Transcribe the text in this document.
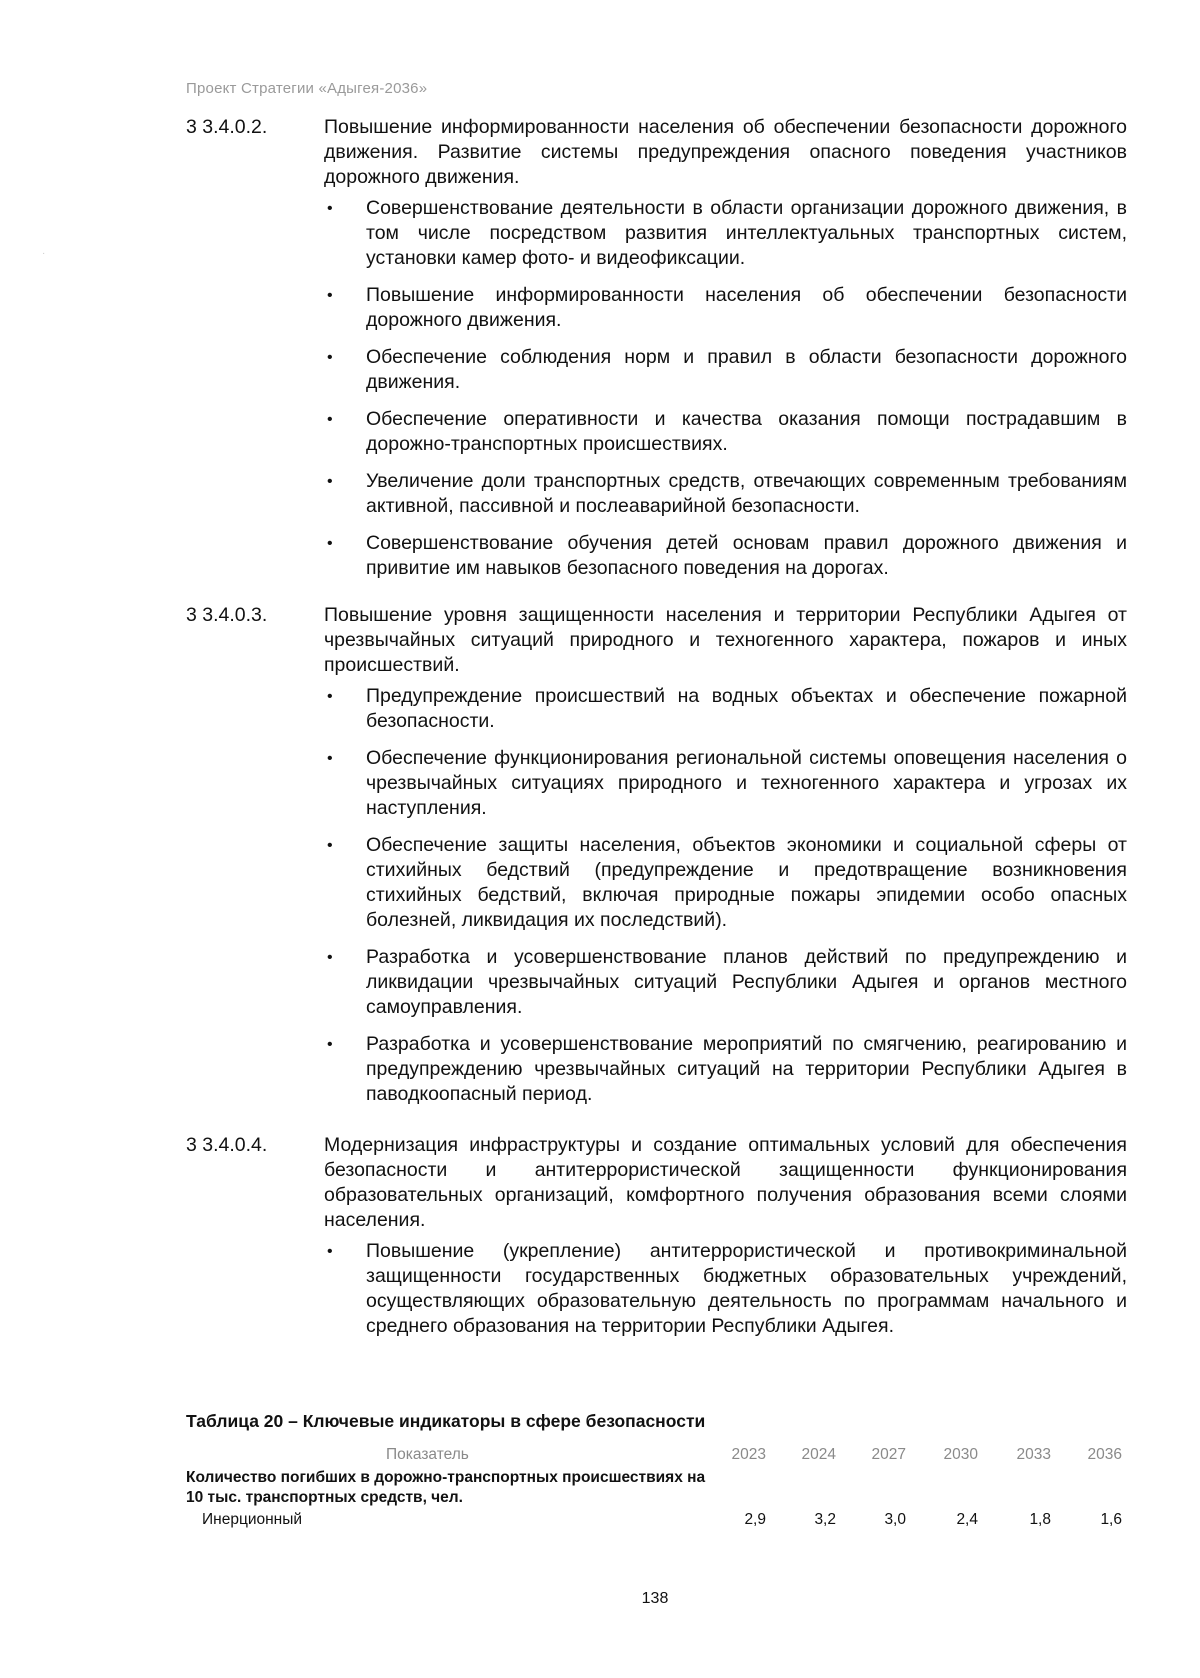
Проект Стратегии «Адыгея-2036»
·
3 3.4.0.2.	Повышение информированности населения об обеспечении безопасности дорожного движения. Развитие системы предупреждения опасного поведения участников дорожного движения.
• Совершенствование деятельности в области организации дорожного движения, в том числе посредством развития интеллектуальных транспортных систем, установки камер фото- и видеофиксации.
• Повышение информированности населения об обеспечении безопасности дорожного движения.
• Обеспечение соблюдения норм и правил в области безопасности дорожного движения.
• Обеспечение оперативности и качества оказания помощи пострадавшим в дорожно-транспортных происшествиях.
• Увеличение доли транспортных средств, отвечающих современным требованиям активной, пассивной и послеаварийной безопасности.
• Совершенствование обучения детей основам правил дорожного движения и привитие им навыков безопасного поведения на дорогах.
3 3.4.0.3.	Повышение уровня защищенности населения и территории Республики Адыгея от чрезвычайных ситуаций природного и техногенного характера, пожаров и иных происшествий.
• Предупреждение происшествий на водных объектах и обеспечение пожарной безопасности.
• Обеспечение функционирования региональной системы оповещения населения о чрезвычайных ситуациях природного и техногенного характера и угрозах их наступления.
• Обеспечение защиты населения, объектов экономики и социальной сферы от стихийных бедствий (предупреждение и предотвращение возникновения стихийных бедствий, включая природные пожары эпидемии особо опасных болезней, ликвидация их последствий).
• Разработка и усовершенствование планов действий по предупреждению и ликвидации чрезвычайных ситуаций Республики Адыгея и органов местного самоуправления.
• Разработка и усовершенствование мероприятий по смягчению, реагированию и предупреждению чрезвычайных ситуаций на территории Республики Адыгея в паводкоопасный период.
3 3.4.0.4.	Модернизация инфраструктуры и создание оптимальных условий для обеспечения безопасности и антитеррористической защищенности функционирования образовательных организаций, комфортного получения образования всеми слоями населения.
• Повышение (укрепление) антитеррористической и противокриминальной защищенности государственных бюджетных образовательных учреждений, осуществляющих образовательную деятельность по программам начального и среднего образования на территории Республики Адыгея.
Таблица 20 – Ключевые индикаторы в сфере безопасности
Показатель	2023	2024	2027	2030	2033	2036
Количество погибших в дорожно-транспортных происшествиях на 10 тыс. транспортных средств, чел.
Инерционный	2,9	3,2	3,0	2,4	1,8	1,6
138
